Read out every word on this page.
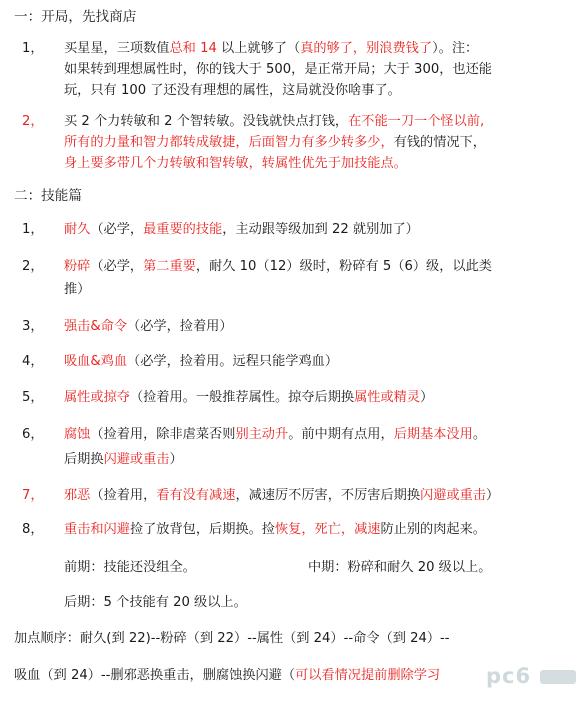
一：开局，先找商店
1， 买星星，三项数值总和 14 以上就够了（真的够了，别浪费钱了）。注：
如果转到理想属性时，你的钱大于 500，是正常开局；大于 300，也还能
玩，只有 100 了还没有理想的属性，这局就没你啥事了。
2， 买 2 个力转敏和 2 个智转敏。没钱就快点打钱，在不能一刀一个怪以前,
所有的力量和智力都转成敏捷，后面智力有多少转多少，有钱的情况下，
身上要多带几个力转敏和智转敏，转属性优先于加技能点。
二：技能篇
1， 耐久（必学，最重要的技能，主动跟等级加到 22 就别加了）
2， 粉碎（必学，第二重要，耐久 10（12）级时，粉碎有 5（6）级，以此类
推）
3， 强击&命令（必学，捡着用）
4， 吸血&鸡血（必学，捡着用。远程只能学鸡血）
5， 属性或掠夺（捡着用。一般推荐属性。掠夺后期换属性或精灵）
6， 腐蚀（捡着用，除非虐菜否则别主动升。前中期有点用，后期基本没用。
后期换闪避或重击）
7， 邪恶（捡着用，看有没有减速，减速厉不厉害，不厉害后期换闪避或重击）
8， 重击和闪避捡了放背包，后期换。捡恢复，死亡，减速防止别的肉起来。
前期：技能还没组全。	中期：粉碎和耐久 20 级以上。
后期：5 个技能有 20 级以上。
加点顺序：耐久(到 22)--粉碎（到 22）--属性（到 24）--命令（到 24）--
吸血（到 24）--删邪恶换重击，删腐蚀换闪避（可以看情况提前删除学习 pc6
